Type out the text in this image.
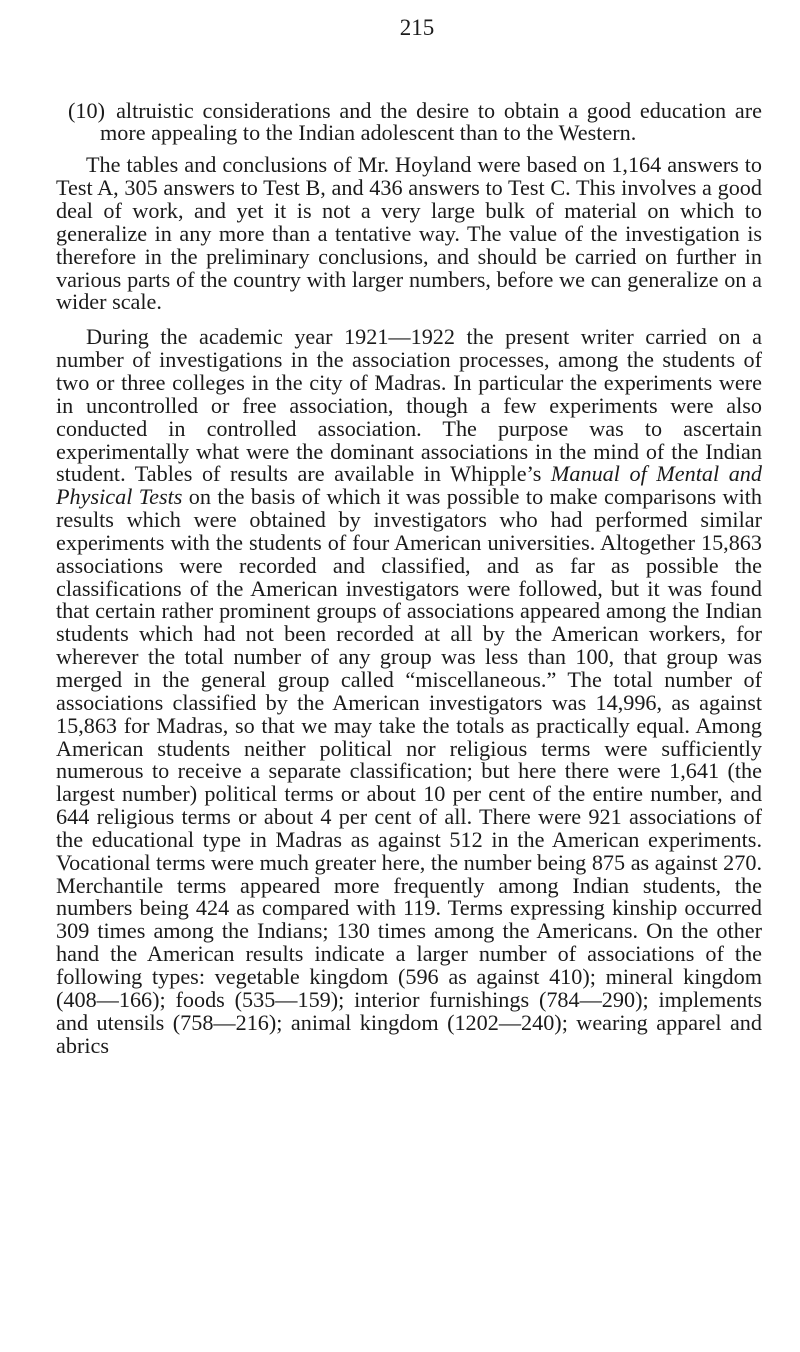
215

(10)  altruistic considerations and the desire to obtain a good education are more appealing to the Indian adolescent than to the Western.

The tables and conclusions of Mr. Hoyland were based on 1,164 answers to Test A, 305 answers to Test B, and 436 answers to Test C. This involves a good deal of work, and yet it is not a very large bulk of material on which to generalize in any more than a tentative way. The value of the investigation is therefore in the preliminary conclusions, and should be carried on further in various parts of the country with larger numbers, before we can generalize on a wider scale.

During the academic year 1921—1922 the present writer carried on a number of investigations in the association processes, among the students of two or three colleges in the city of Madras. In particular the experiments were in uncontrolled or free association, though a few experiments were also conducted in controlled association. The purpose was to ascertain experimentally what were the dominant associations in the mind of the Indian student. Tables of results are available in Whipple’s Manual of Mental and Physical Tests on the basis of which it was possible to make comparisons with results which were obtained by investigators who had performed similar experiments with the students of four American universities. Altogether 15,863 associations were recorded and classified, and as far as possible the classifications of the American investigators were followed, but it was found that certain rather prominent groups of associations appeared among the Indian students which had not been recorded at all by the American workers, for wherever the total number of any group was less than 100, that group was merged in the general group called “miscellaneous.” The total number of associations classified by the American investigators was 14,996, as against 15,863 for Madras, so that we may take the totals as practically equal. Among American students neither political nor religious terms were sufficiently numerous to receive a separate classification; but here there were 1,641 (the largest number) political terms or about 10 per cent of the entire number, and 644 religious terms or about 4 per cent of all. There were 921 associations of the educational type in Madras as against 512 in the American experiments. Vocational terms were much greater here, the number being 875 as against 270. Merchantile terms appeared more frequently among Indian students, the numbers being 424 as compared with 119. Terms expressing kinship occurred 309 times among the Indians; 130 times among the Americans. On the other hand the American results indicate a larger number of associations of the following types: vegetable kingdom (596 as against 410); mineral kingdom (408—166); foods (535—159); interior furnishings (784—290); implements and utensils (758—216); animal kingdom (1202—240); wearing apparel and abrics
